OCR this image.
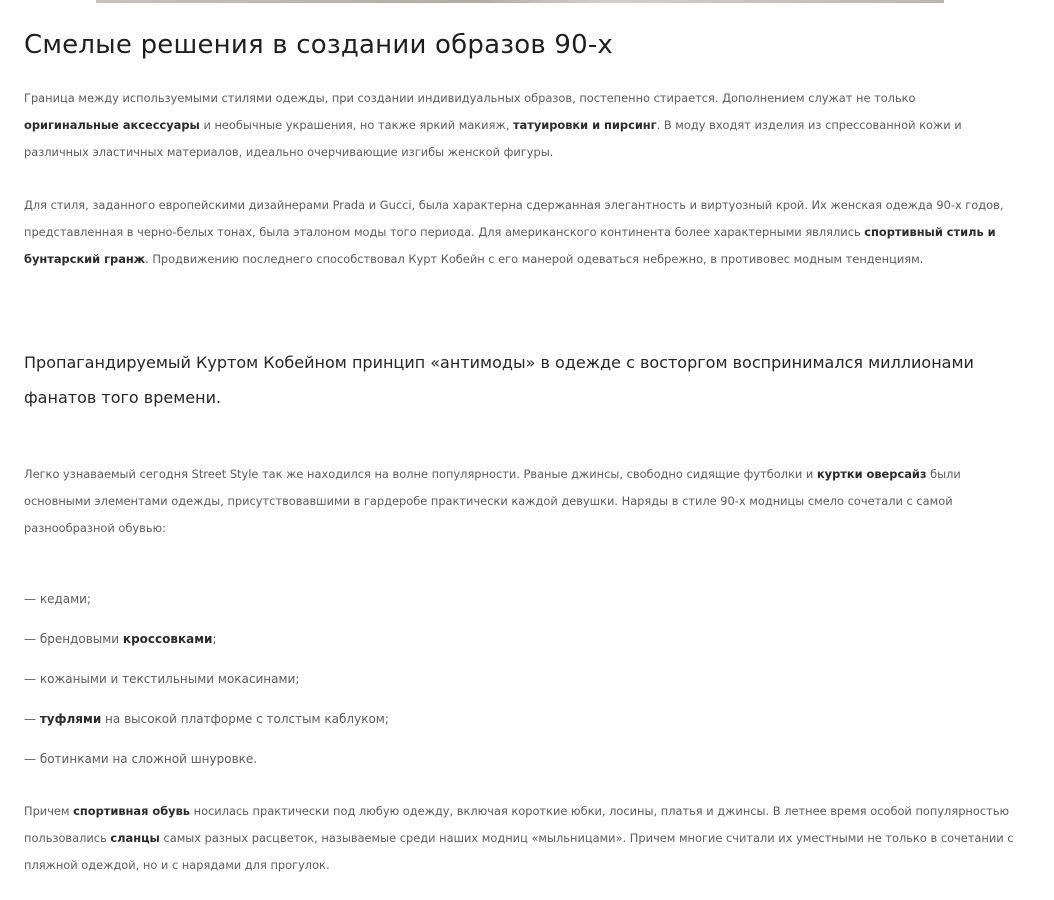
Смелые решения в создании образов 90-х

Граница между используемыми стилями одежды, при создании индивидуальных образов, постепенно стирается. Дополнением служат не только оригинальные аксессуары и необычные украшения, но также яркий макияж, татуировки и пирсинг. В моду входят изделия из спрессованной кожи и различных эластичных материалов, идеально очерчивающие изгибы женской фигуры.

Для стиля, заданного европейскими дизайнерами Prada и Gucci, была характерна сдержанная элегантность и виртуозный крой. Их женская одежда 90-х годов, представленная в черно-белых тонах, была эталоном моды того периода. Для американского континента более характерными являлись спортивный стиль и бунтарский гранж. Продвижению последнего способствовал Курт Кобейн с его манерой одеваться небрежно, в противовес модным тенденциям.

Пропагандируемый Куртом Кобейном принцип «антимоды» в одежде с восторгом воспринимался миллионами фанатов того времени.

Легко узнаваемый сегодня Street Style так же находился на волне популярности. Рваные джинсы, свободно сидящие футболки и куртки оверсайз были основными элементами одежды, присутствовавшими в гардеробе практически каждой девушки. Наряды в стиле 90-х модницы смело сочетали с самой разнообразной обувью:

— кедами;
— брендовыми кроссовками;
— кожаными и текстильными мокасинами;
— туфлями на высокой платформе с толстым каблуком;
— ботинками на сложной шнуровке.

Причем спортивная обувь носилась практически под любую одежду, включая короткие юбки, лосины, платья и джинсы. В летнее время особой популярностью пользовались сланцы самых разных расцветок, называемые среди наших модниц «мыльницами». Причем многие считали их уместными не только в сочетании с пляжной одеждой, но и с нарядами для прогулок.
